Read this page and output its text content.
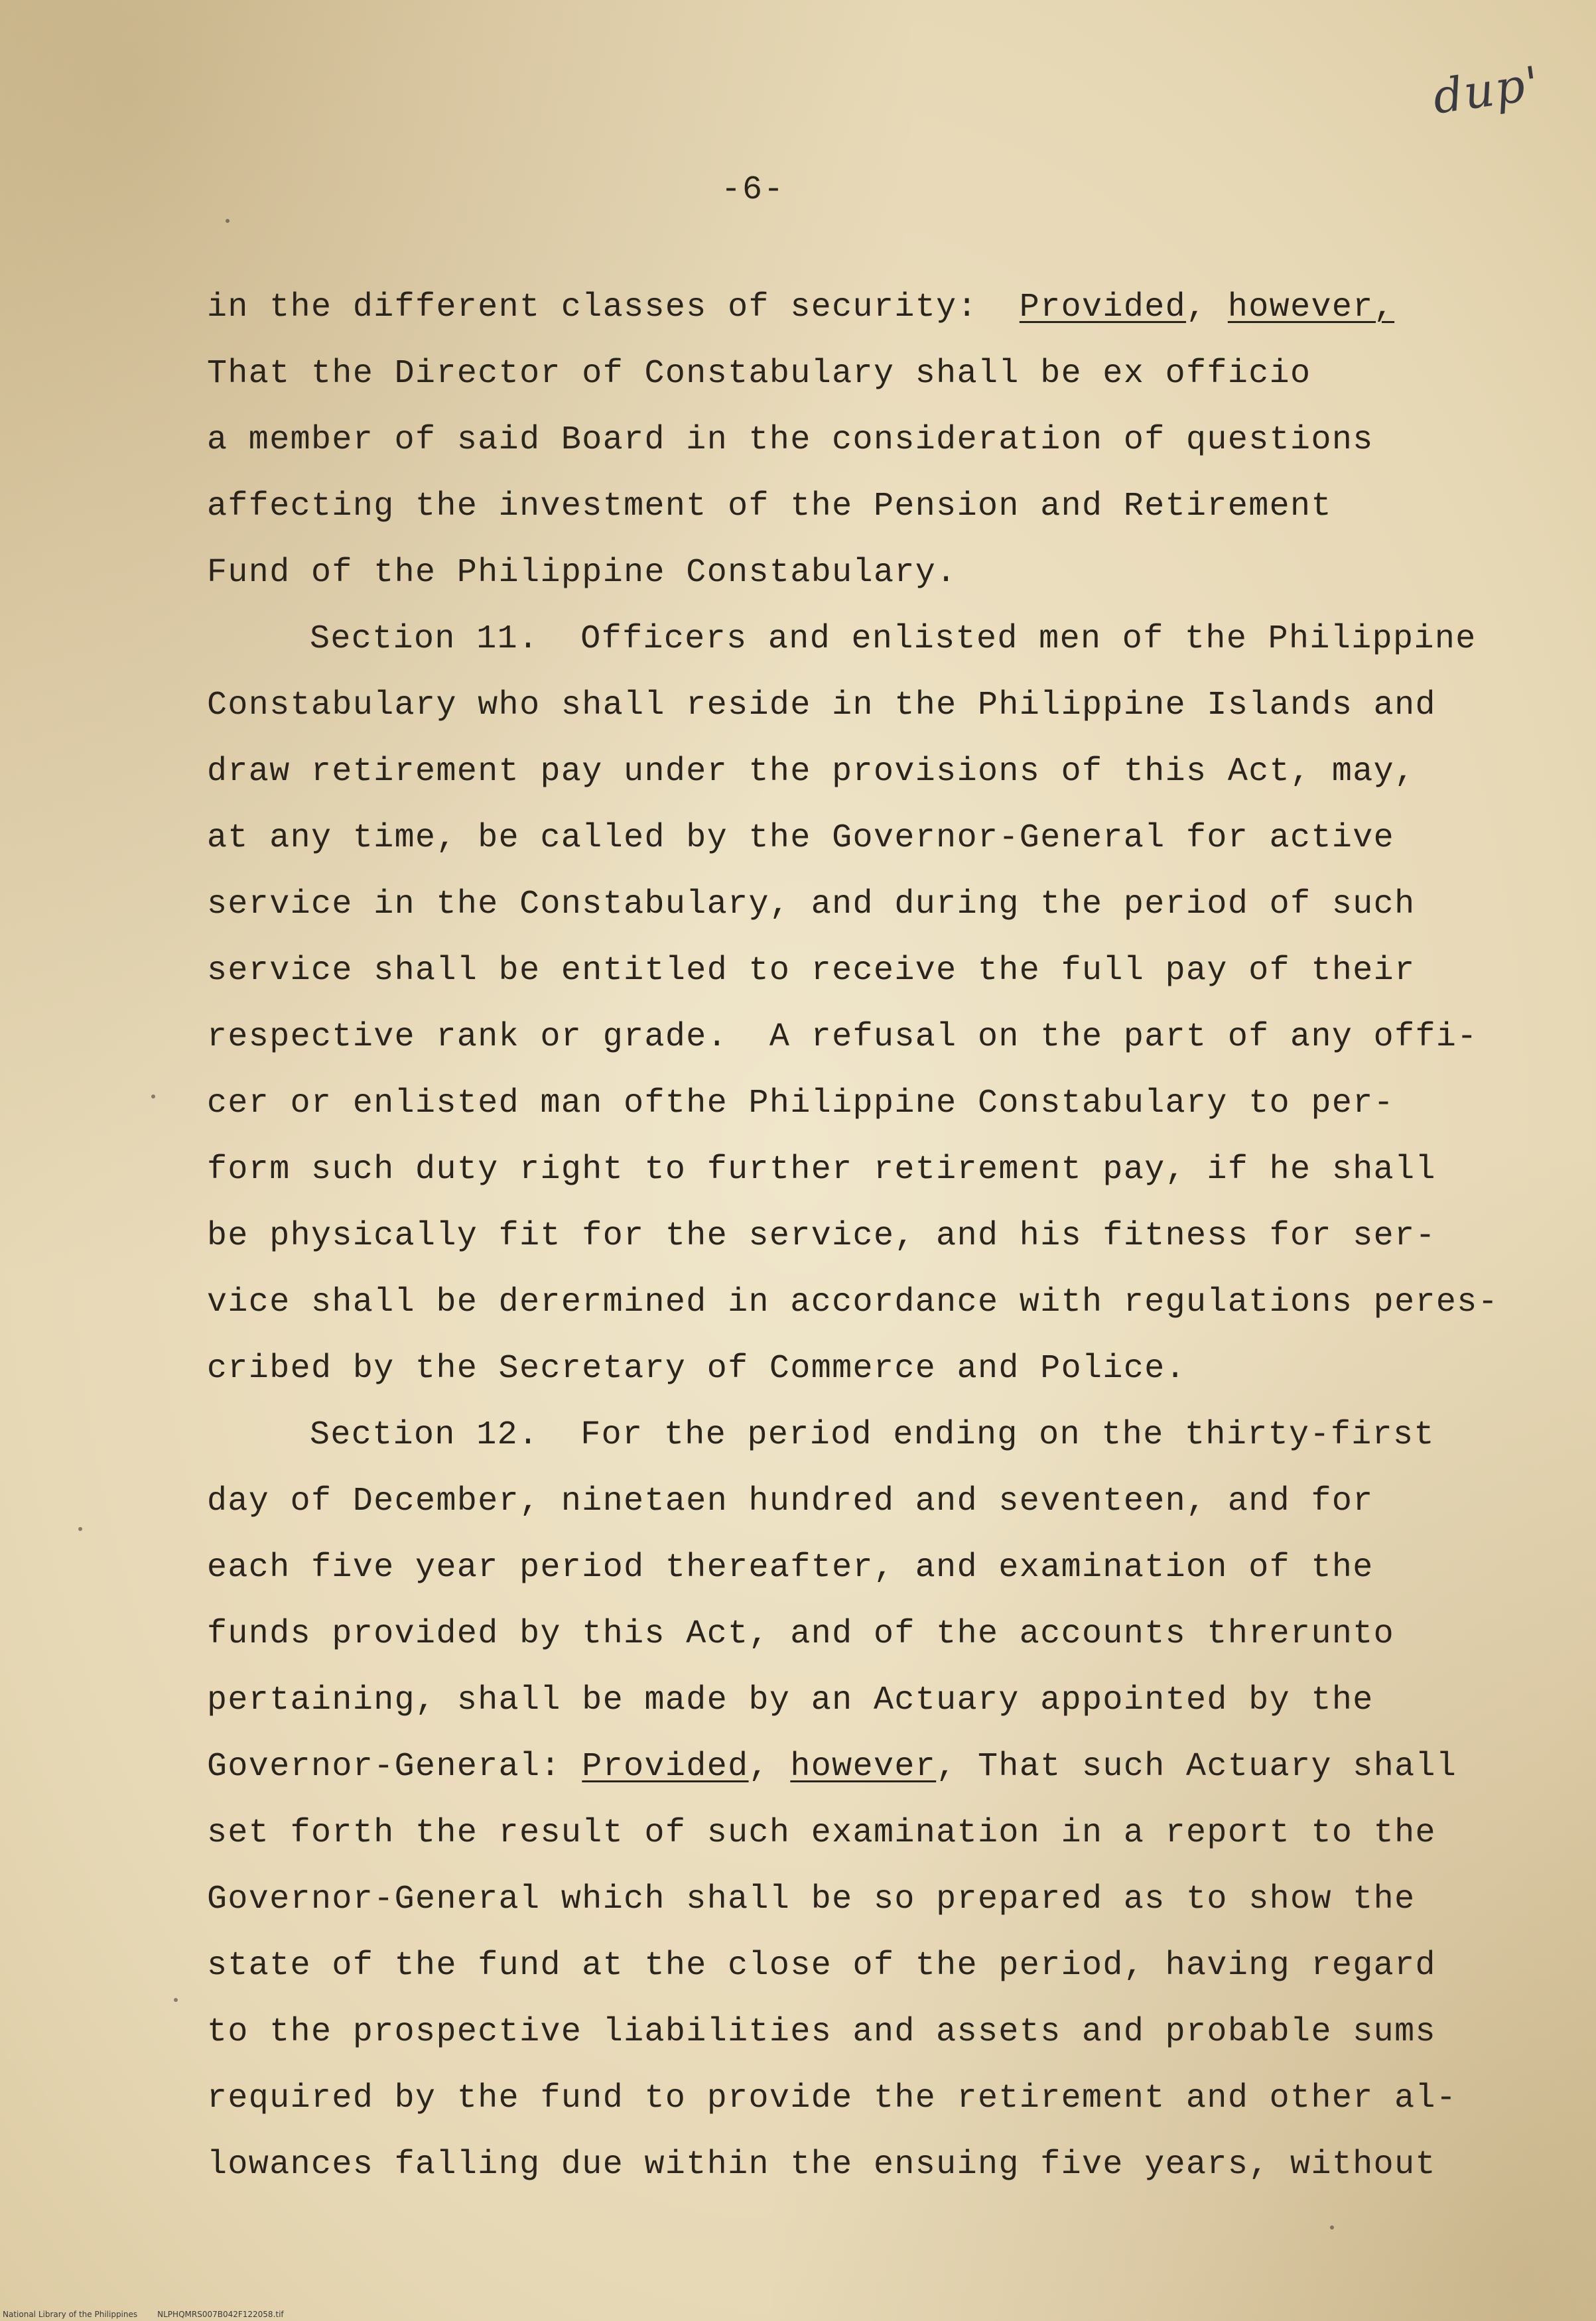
dup'
-6-
in the different classes of security:  Provided, however,
That the Director of Constabulary shall be ex officio
a member of said Board in the consideration of questions
affecting the investment of the Pension and Retirement
Fund of the Philippine Constabulary.
Section 11.  Officers and enlisted men of the Philippine
Constabulary who shall reside in the Philippine Islands and
draw retirement pay under the provisions of this Act, may,
at any time, be called by the Governor-General for active
service in the Constabulary, and during the period of such
service shall be entitled to receive the full pay of their
respective rank or grade.  A refusal on the part of any offi-
cer or enlisted man ofthe Philippine Constabulary to per-
form such duty right to further retirement pay, if he shall
be physically fit for the service, and his fitness for ser-
vice shall be derermined in accordance with regulations peres-
cribed by the Secretary of Commerce and Police.
Section 12.  For the period ending on the thirty-first
day of December, ninetaen hundred and seventeen, and for
each five year period thereafter, and examination of the
funds provided by this Act, and of the accounts threrunto
pertaining, shall be made by an Actuary appointed by the
Governor-General: Provided, however, That such Actuary shall
set forth the result of such examination in a report to the
Governor-General which shall be so prepared as to show the
state of the fund at the close of the period, having regard
to the prospective liabilities and assets and probable sums
required by the fund to provide the retirement and other al-
lowances falling due within the ensuing five years, without
National Library of the Philippines	NLPHQMRS007B042F122058.tif
